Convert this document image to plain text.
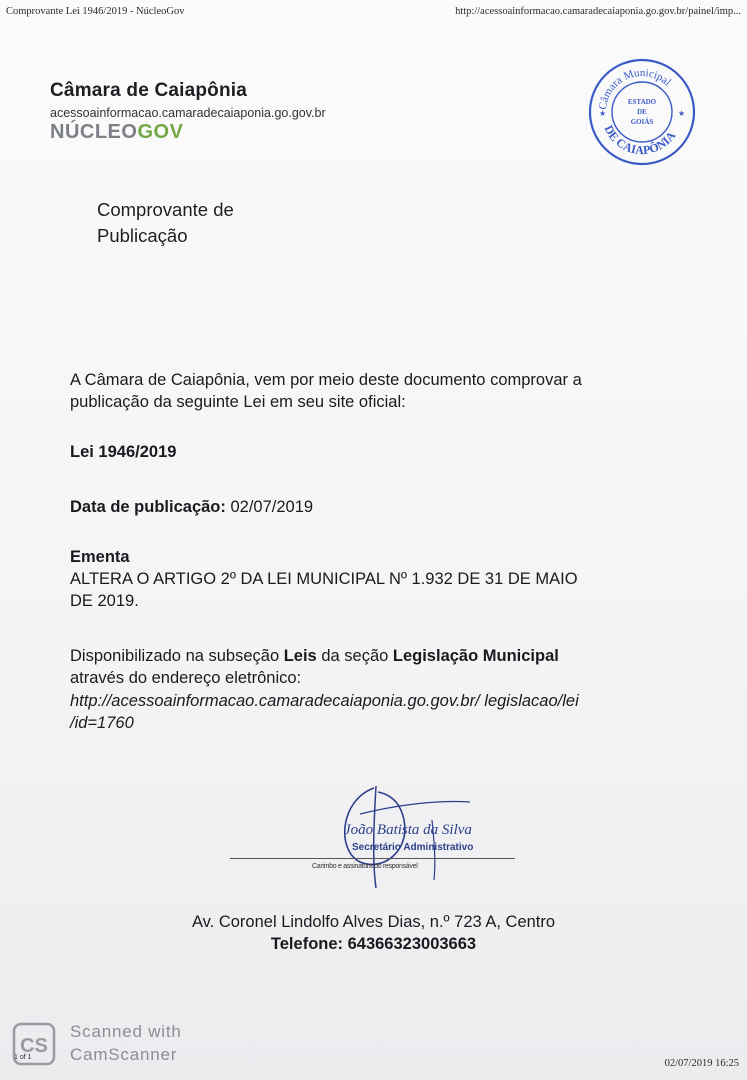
Comprovante Lei 1946/2019 - NúcleoGov	http://acessoainformacao.camaradecaiaponia.go.gov.br/painel/imp...
Câmara de Caiapônia
acessoainformacao.camaradecaiaponia.go.gov.br
NÚCLEOGOV
Câmara Municipal
DE CAIAPÔNIA
ESTADO
DE
GOIÁS
★	★
Comprovante de
Publicação
A Câmara de Caiapônia, vem por meio deste documento comprovar a
publicação da seguinte Lei em seu site oficial:
Lei 1946/2019
Data de publicação: 02/07/2019
Ementa
ALTERA O ARTIGO 2º DA LEI MUNICIPAL Nº 1.932 DE 31 DE MAIO
DE 2019.
Disponibilizado na subseção Leis da seção Legislação Municipal
através do endereço eletrônico:
http://acessoainformacao.camaradecaiaponia.go.gov.br/ legislacao/lei
/id=1760
João Batista da Silva
Secretário Administrativo
Carimbo e assinatura do responsável
Av. Coronel Lindolfo Alves Dias, n.º 723 A, Centro
Telefone: 64366323003663
CS
Scanned with
CamScanner
1 of 1
02/07/2019 16:25
